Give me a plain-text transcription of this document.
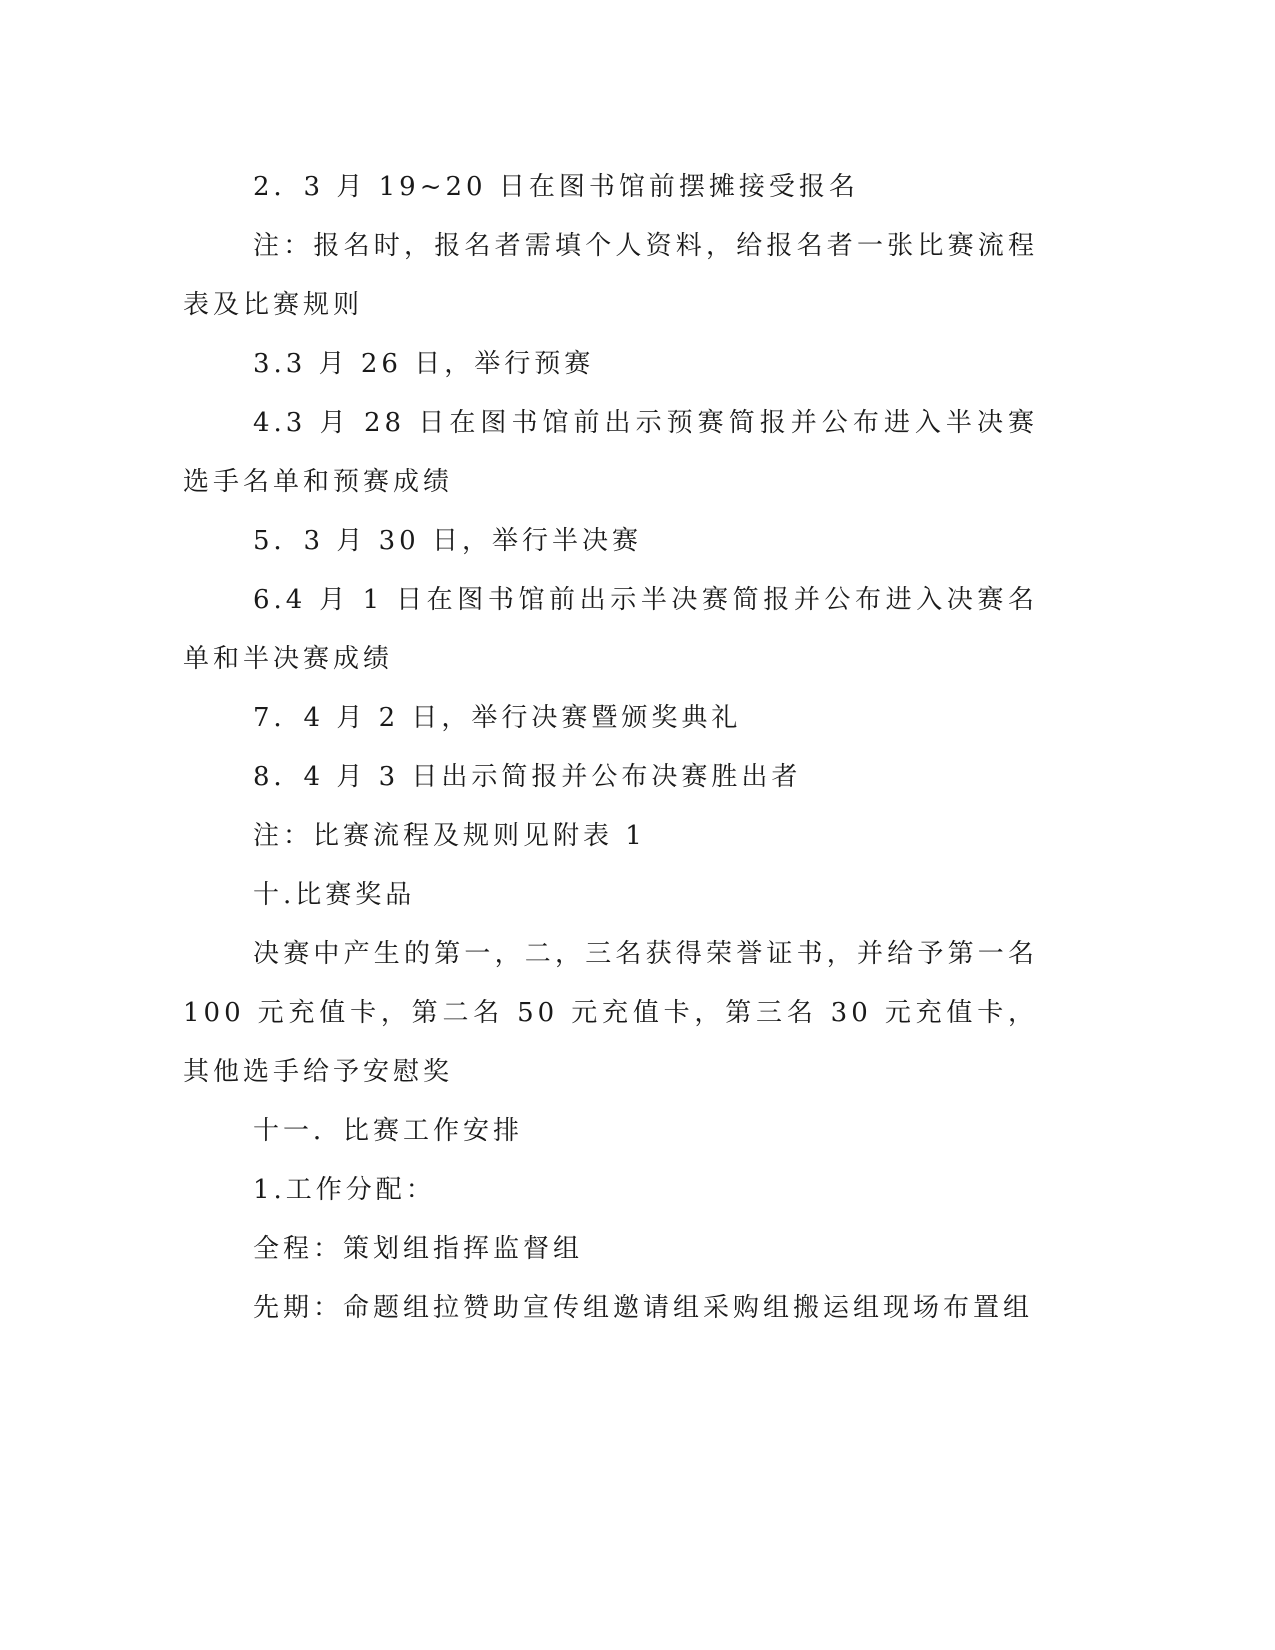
2．3 月 19~20 日在图书馆前摆摊接受报名

注：报名时，报名者需填个人资料，给报名者一张比赛流程表及比赛规则

3.3 月 26 日，举行预赛

4.3 月 28 日在图书馆前出示预赛简报并公布进入半决赛选手名单和预赛成绩

5．3 月 30 日，举行半决赛

6.4 月 1 日在图书馆前出示半决赛简报并公布进入决赛名单和半决赛成绩

7．4 月 2 日，举行决赛暨颁奖典礼

8．4 月 3 日出示简报并公布决赛胜出者

注：比赛流程及规则见附表 1

十.比赛奖品

决赛中产生的第一，二，三名获得荣誉证书，并给予第一名 100 元充值卡，第二名 50 元充值卡，第三名 30 元充值卡，其他选手给予安慰奖

十一．比赛工作安排

1.工作分配：

全程：策划组指挥监督组

先期：命题组拉赞助宣传组邀请组采购组搬运组现场布置组
